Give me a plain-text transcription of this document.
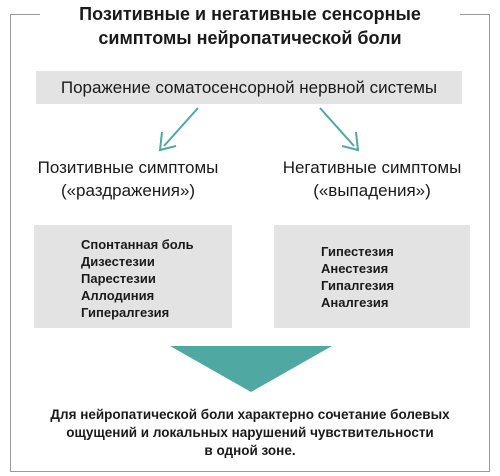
Позитивные и негативные сенсорные
симптомы нейропатической боли
Поражение соматосенсорной нервной системы
Позитивные симптомы
(«раздражения»)
Негативные симптомы
(«выпадения»)
Спонтанная боль
Дизестезии
Парестезии
Аллодиния
Гипералгезия
Гипестезия
Анестезия
Гипалгезия
Аналгезия
Для нейропатической боли характерно сочетание болевых
ощущений и локальных нарушений чувствительности
в одной зоне.
